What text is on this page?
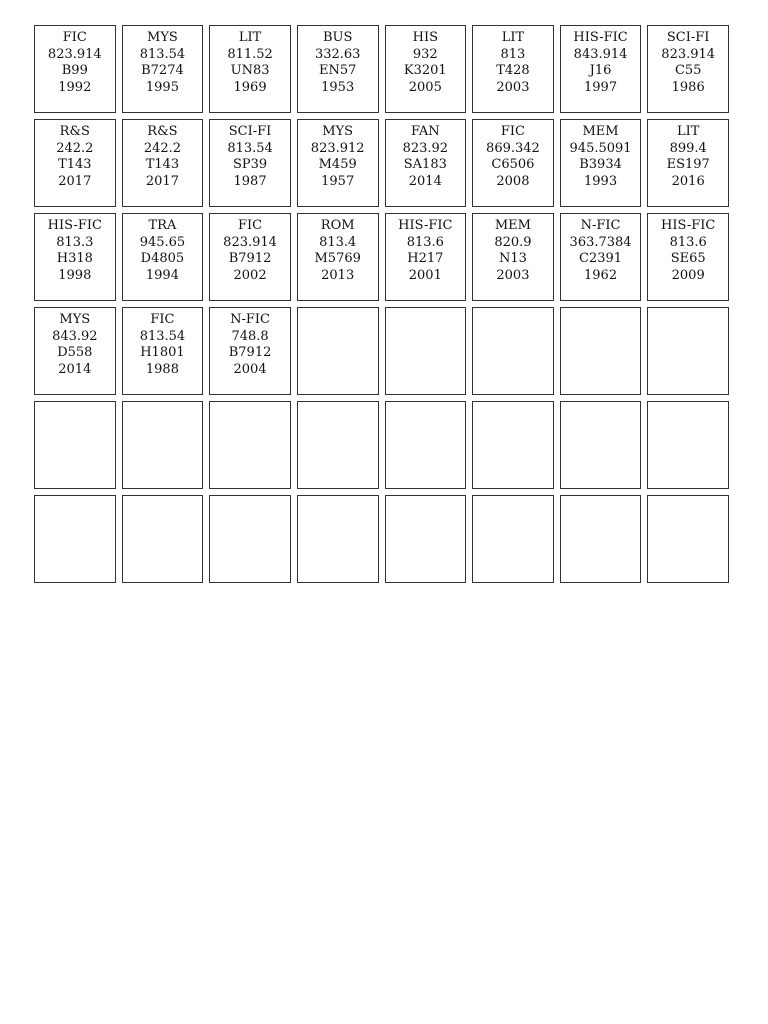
FIC
823.914
B99
1992
MYS
813.54
B7274
1995
LIT
811.52
UN83
1969
BUS
332.63
EN57
1953
HIS
932
K3201
2005
LIT
813
T428
2003
HIS-FIC
843.914
J16
1997
SCI-FI
823.914
C55
1986
R&S
242.2
T143
2017
R&S
242.2
T143
2017
SCI-FI
813.54
SP39
1987
MYS
823.912
M459
1957
FAN
823.92
SA183
2014
FIC
869.342
C6506
2008
MEM
945.5091
B3934
1993
LIT
899.4
ES197
2016
HIS-FIC
813.3
H318
1998
TRA
945.65
D4805
1994
FIC
823.914
B7912
2002
ROM
813.4
M5769
2013
HIS-FIC
813.6
H217
2001
MEM
820.9
N13
2003
N-FIC
363.7384
C2391
1962
HIS-FIC
813.6
SE65
2009
MYS
843.92
D558
2014
FIC
813.54
H1801
1988
N-FIC
748.8
B7912
2004
